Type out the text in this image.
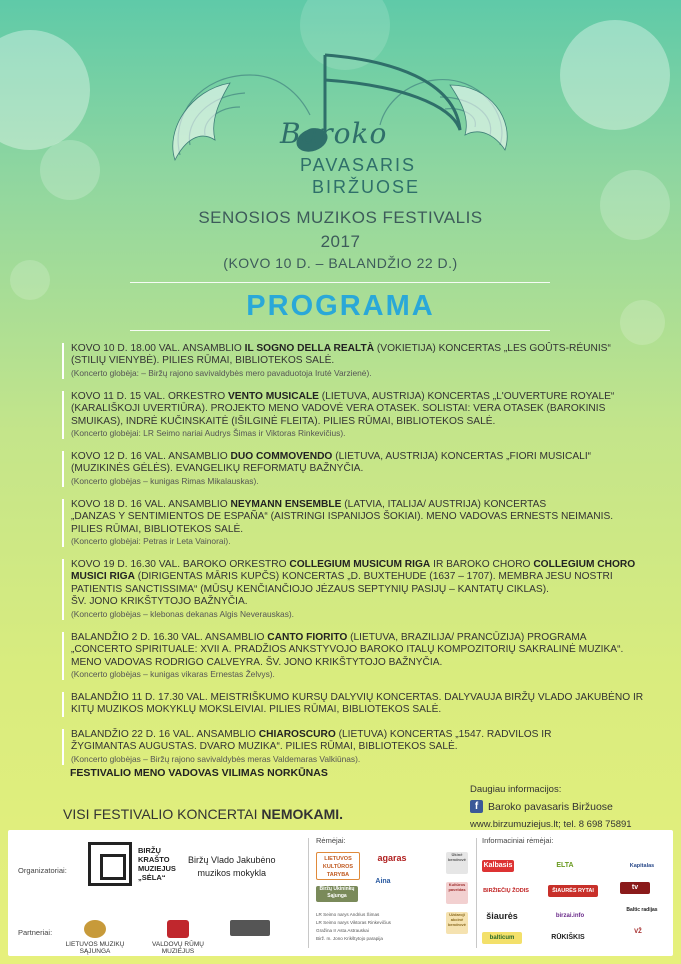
Baroko
PAVASARIS
BIRŽUOSE
SENOSIOS MUZIKOS FESTIVALIS
2017
(KOVO 10 D. – BALANDŽIO 22 D.)
PROGRAMA
KOVO 10 D. 18.00 VAL. ANSAMBLIO IL SOGNO DELLA REALTÀ (VOKIETIJA) KONCERTAS „LES GOÛTS-RÉUNIS“
(STILIŲ VIENYBĖ). PILIES RŪMAI, BIBLIOTEKOS SALĖ.
(Koncerto globėja: – Biržų rajono savivaldybės mero pavaduotoja Irutė Varzienė).
KOVO 11 D. 15 VAL. ORKESTRO VENTO MUSICALE (LIETUVA, AUSTRIJA) KONCERTAS „L'OUVERTURE ROYALE“
(KARALIŠKOJI UVERTIŪRA). PROJEKTO MENO VADOVĖ VERA OTASEK. SOLISTAI: VERA OTASEK (BAROKINIS
SMUIKAS), INDRĖ KUČINSKAITĖ (IŠILGINĖ FLEITA). PILIES RŪMAI, BIBLIOTEKOS SALĖ.
(Koncerto globėjai: LR Seimo nariai Audrys Šimas ir Viktoras Rinkevičius).
KOVO 12 D. 16 VAL. ANSAMBLIO DUO COMMOVENDO (LIETUVA, AUSTRIJA) KONCERTAS „FIORI MUSICALI“
(MUZIKINĖS GĖLĖS). EVANGELIKŲ REFORMATŲ BAŽNYČIA.
(Koncerto globėjas – kunigas Rimas Mikalauskas).
KOVO 18 D. 16 VAL. ANSAMBLIO NEYMANN ENSEMBLE (LATVIA, ITALIJA/ AUSTRIJA) KONCERTAS
„DANZAS Y SENTIMIENTOS DE ESPAÑA“ (AISTRINGI ISPANIJOS ŠOKIAI). MENO VADOVAS ERNESTS NEIMANIS.
PILIES RŪMAI, BIBLIOTEKOS SALĖ.
(Koncerto globėjai: Petras ir Leta Vainorai).
KOVO 19 D. 16.30 VAL. BAROKO ORKESTRO COLLEGIUM MUSICUM RIGA IR BAROKO CHORO COLLEGIUM CHORO
MUSICI RIGA (DIRIGENTAS MĀRIS KUPČS) KONCERTAS „D. BUXTEHUDE (1637 – 1707). MEMBRA JESU NOSTRI
PATIENTIS SANCTISSIMA“ (MŪSŲ KENČIANČIOJO JĖZAUS SEPTYNIŲ PASIJŲ – KANTATŲ CIKLAS).
ŠV. JONO KRIKŠTYTOJO BAŽNYČIA.
(Koncerto globėjas – klebonas dekanas Algis Neverauskas).
BALANDŽIO 2 D. 16.30 VAL. ANSAMBLIO CANTO FIORITO (LIETUVA, BRAZILIJA/ PRANCŪZIJA) PROGRAMA
„CONCERTO SPIRITUALE: XVII A. PRADŽIOS ANKSTYVOJO BAROKO ITALŲ KOMPOZITORIŲ SAKRALINĖ MUZIKA“.
MENO VADOVAS RODRIGO CALVEYRA. ŠV. JONO KRIKŠTYTOJO BAŽNYČIA.
(Koncerto globėjas – kunigas vikaras Ernestas Želvys).
BALANDŽIO 11 D. 17.30 VAL. MEISTRIŠKUMO KURSŲ DALYVIŲ KONCERTAS. DALYVAUJA BIRŽŲ VLADO JAKUBĖNO IR
KITŲ MUZIKOS MOKYKLŲ MOKSLEIVIAI. PILIES RŪMAI, BIBLIOTEKOS SALĖ.
BALANDŽIO 22 D. 16 VAL. ANSAMBLIO CHIAROSCURO (LIETUVA) KONCERTAS „1547. RADVILOS IR
ŽYGIMANTAS AUGUSTAS. DVARO MUZIKA“. PILIES RŪMAI, BIBLIOTEKOS SALĖ.
(Koncerto globėjas – Biržų rajono savivaldybės meras Valdemaras Valkiūnas).
FESTIVALIO MENO VADOVAS VILIMAS NORKŪNAS
VISI FESTIVALIO KONCERTAI NEMOKAMI.
Daugiau informacijos:
f Baroko pavasaris Biržuose
www.birzumuziejus.lt; tel. 8 698 75891
Organizatoriai:
Partneriai:
BIRŽŲ
KRAŠTO
MUZIEJUS
„SĖLA“
Biržų Vlado Jakubėno
muzikos mokykla
LIETUVOS MUZIKŲ SĄJUNGA
VALDOVŲ RŪMŲ MUZIEJUS
Rėmėjai:
LIETUVOS KULTŪROS TARYBA
agaras
Biržų Ūkininkų Sąjunga
Aina
Ūkinė bendrovė
Kultūros paveldas
Uždaroji akcinė bendrovė
LR Seimo narys Andrius Šimas
LR Seimo narys Viktoras Rinkevičius
Gražina Ir Asta Astrauskai
Birž. m. Jono Krikštytojo parapija
Informaciniai rėmėjai:
Kalbasis	ELTA
BIRŽIEČIŲ ŽODIS	ŠIAURĖS RYTAI
šiaurės	birzai.info
RŪKIŠKIS
balticum
Kapitalas
tv
Baltic radijas
VŽ
